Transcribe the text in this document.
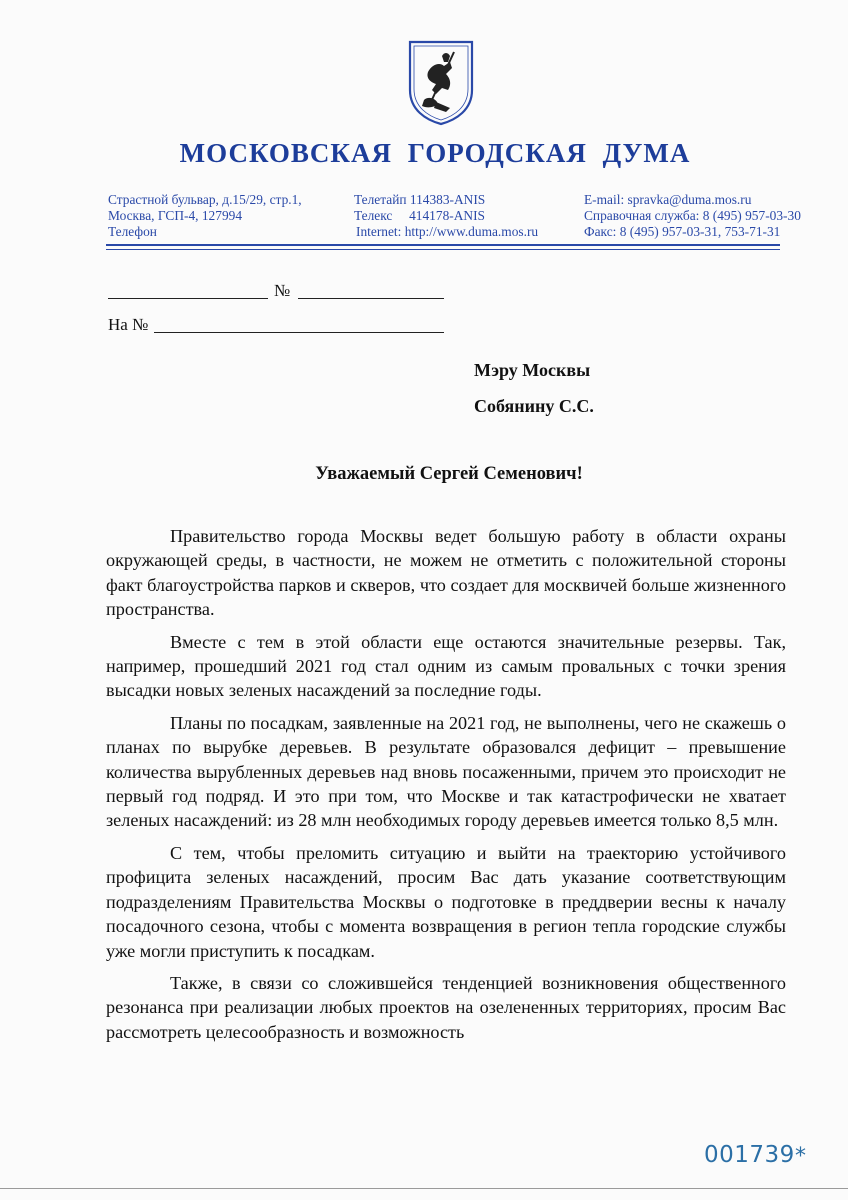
МОСКОВСКАЯ ГОРОДСКАЯ ДУМА
Страстной бульвар, д.15/29, стр.1,
Москва, ГСП-4, 127994
Телефон
Телетайп 114383-ANIS
Телекс     414178-ANIS
Internet: http://www.duma.mos.ru
E-mail: spravka@duma.mos.ru
Справочная служба: 8 (495) 957-03-30
Факс: 8 (495) 957-03-31, 753-71-31
№
На №
Мэру Москвы
Собянину С.С.
Уважаемый Сергей Семенович!

Правительство города Москвы ведет большую работу в области охраны окружающей среды, в частности, не можем не отметить с положительной стороны факт благоустройства парков и скверов, что создает для москвичей больше жизненного пространства.

Вместе с тем в этой области еще остаются значительные резервы. Так, например, прошедший 2021 год стал одним из самым провальных с точки зрения высадки новых зеленых насаждений за последние годы.

Планы по посадкам, заявленные на 2021 год, не выполнены, чего не скажешь о планах по вырубке деревьев. В результате образовался дефицит – превышение количества вырубленных деревьев над вновь посаженными, причем это происходит не первый год подряд. И это при том, что Москве и так катастрофически не хватает зеленых насаждений: из 28 млн необходимых городу деревьев имеется только 8,5 млн.

С тем, чтобы преломить ситуацию и выйти на траекторию устойчивого профицита зеленых насаждений, просим Вас дать указание соответствующим подразделениям Правительства Москвы о подготовке в преддверии весны к началу посадочного сезона, чтобы с момента возвращения в регион тепла городские службы уже могли приступить к посадкам.

Также, в связи со сложившейся тенденцией возникновения общественного резонанса при реализации любых проектов на озелененных территориях, просим Вас рассмотреть целесообразность и возможность

001739 *
